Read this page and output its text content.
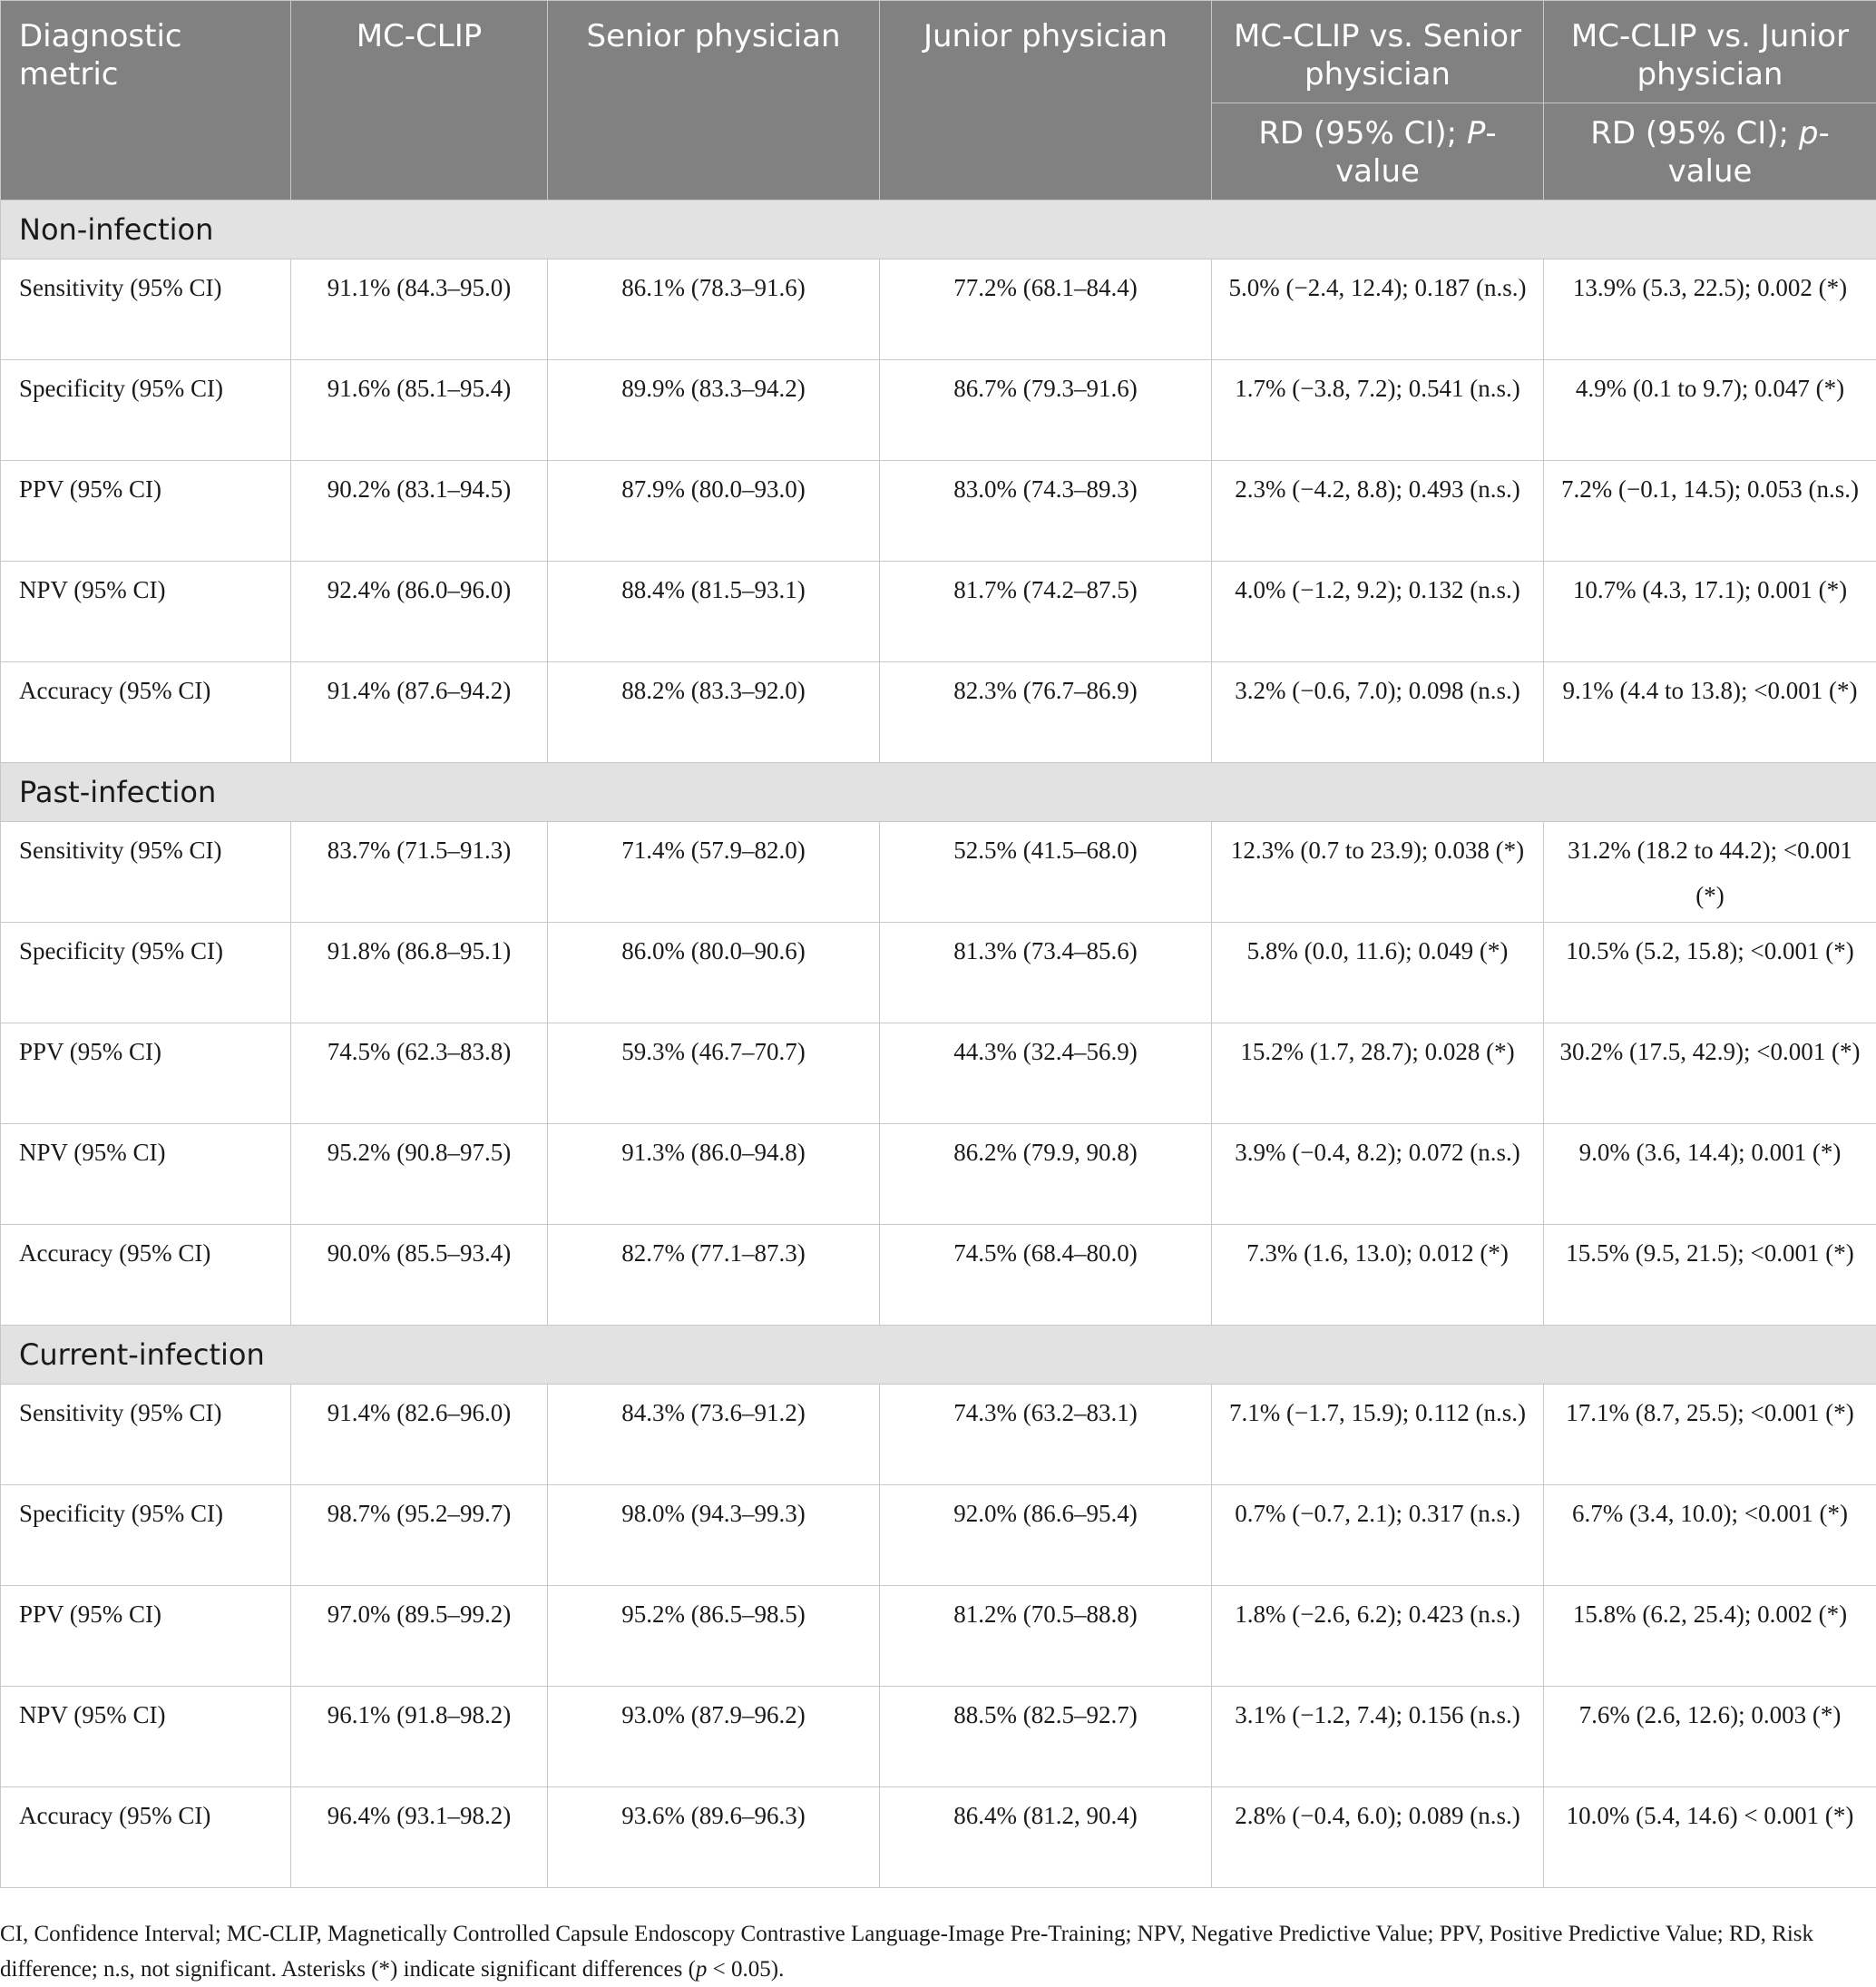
Diagnostic metric	MC-CLIP	Senior physician	Junior physician	MC-CLIP vs. Senior physician	MC-CLIP vs. Junior physician
				RD (95% CI); P-value	RD (95% CI); p-value
Non-infection					
Sensitivity (95% CI)	91.1% (84.3–95.0)	86.1% (78.3–91.6)	77.2% (68.1–84.4)	5.0% (−2.4, 12.4); 0.187 (n.s.)	13.9% (5.3, 22.5); 0.002 (*)
Specificity (95% CI)	91.6% (85.1–95.4)	89.9% (83.3–94.2)	86.7% (79.3–91.6)	1.7% (−3.8, 7.2); 0.541 (n.s.)	4.9% (0.1 to 9.7); 0.047 (*)
PPV (95% CI)	90.2% (83.1–94.5)	87.9% (80.0–93.0)	83.0% (74.3–89.3)	2.3% (−4.2, 8.8); 0.493 (n.s.)	7.2% (−0.1, 14.5); 0.053 (n.s.)
NPV (95% CI)	92.4% (86.0–96.0)	88.4% (81.5–93.1)	81.7% (74.2–87.5)	4.0% (−1.2, 9.2); 0.132 (n.s.)	10.7% (4.3, 17.1); 0.001 (*)
Accuracy (95% CI)	91.4% (87.6–94.2)	88.2% (83.3–92.0)	82.3% (76.7–86.9)	3.2% (−0.6, 7.0); 0.098 (n.s.)	9.1% (4.4 to 13.8); <0.001 (*)
Past-infection					
Sensitivity (95% CI)	83.7% (71.5–91.3)	71.4% (57.9–82.0)	52.5% (41.5–68.0)	12.3% (0.7 to 23.9); 0.038 (*)	31.2% (18.2 to 44.2); <0.001 (*)
Specificity (95% CI)	91.8% (86.8–95.1)	86.0% (80.0–90.6)	81.3% (73.4–85.6)	5.8% (0.0, 11.6); 0.049 (*)	10.5% (5.2, 15.8); <0.001 (*)
PPV (95% CI)	74.5% (62.3–83.8)	59.3% (46.7–70.7)	44.3% (32.4–56.9)	15.2% (1.7, 28.7); 0.028 (*)	30.2% (17.5, 42.9); <0.001 (*)
NPV (95% CI)	95.2% (90.8–97.5)	91.3% (86.0–94.8)	86.2% (79.9, 90.8)	3.9% (−0.4, 8.2); 0.072 (n.s.)	9.0% (3.6, 14.4); 0.001 (*)
Accuracy (95% CI)	90.0% (85.5–93.4)	82.7% (77.1–87.3)	74.5% (68.4–80.0)	7.3% (1.6, 13.0); 0.012 (*)	15.5% (9.5, 21.5); <0.001 (*)
Current-infection					
Sensitivity (95% CI)	91.4% (82.6–96.0)	84.3% (73.6–91.2)	74.3% (63.2–83.1)	7.1% (−1.7, 15.9); 0.112 (n.s.)	17.1% (8.7, 25.5); <0.001 (*)
Specificity (95% CI)	98.7% (95.2–99.7)	98.0% (94.3–99.3)	92.0% (86.6–95.4)	0.7% (−0.7, 2.1); 0.317 (n.s.)	6.7% (3.4, 10.0); <0.001 (*)
PPV (95% CI)	97.0% (89.5–99.2)	95.2% (86.5–98.5)	81.2% (70.5–88.8)	1.8% (−2.6, 6.2); 0.423 (n.s.)	15.8% (6.2, 25.4); 0.002 (*)
NPV (95% CI)	96.1% (91.8–98.2)	93.0% (87.9–96.2)	88.5% (82.5–92.7)	3.1% (−1.2, 7.4); 0.156 (n.s.)	7.6% (2.6, 12.6); 0.003 (*)
Accuracy (95% CI)	96.4% (93.1–98.2)	93.6% (89.6–96.3)	86.4% (81.2, 90.4)	2.8% (−0.4, 6.0); 0.089 (n.s.)	10.0% (5.4, 14.6) < 0.001 (*)

CI, Confidence Interval; MC-CLIP, Magnetically Controlled Capsule Endoscopy Contrastive Language-Image Pre-Training; NPV, Negative Predictive Value; PPV, Positive Predictive Value; RD, Risk difference; n.s, not significant. Asterisks (*) indicate significant differences (p < 0.05).
